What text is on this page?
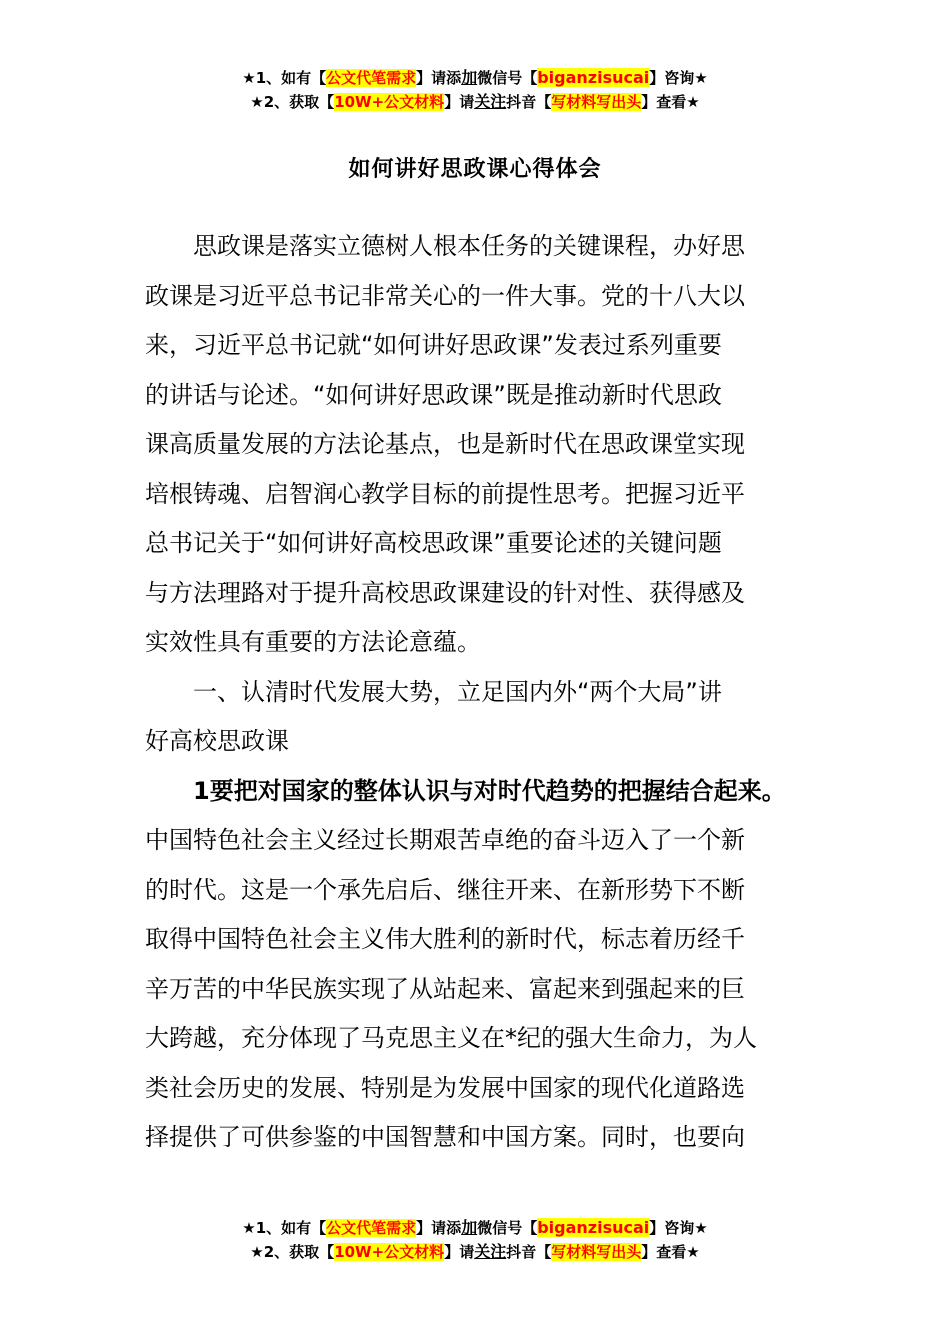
★1、如有【公文代笔需求】请添加微信号【biganzisucai】咨询★
★2、获取【10W+公文材料】请关注抖音【写材料写出头】查看★
如何讲好思政课心得体会
　　思政课是落实立德树人根本任务的关键课程，办好思
政课是习近平总书记非常关心的一件大事。党的十八大以
来，习近平总书记就“如何讲好思政课”发表过系列重要
的讲话与论述。“如何讲好思政课”既是推动新时代思政
课高质量发展的方法论基点，也是新时代在思政课堂实现
培根铸魂、启智润心教学目标的前提性思考。把握习近平
总书记关于“如何讲好高校思政课”重要论述的关键问题
与方法理路对于提升高校思政课建设的针对性、获得感及
实效性具有重要的方法论意蕴。
　　一、认清时代发展大势，立足国内外“两个大局”讲
好高校思政课
　　1要把对国家的整体认识与对时代趋势的把握结合起来。
中国特色社会主义经过长期艰苦卓绝的奋斗迈入了一个新
的时代。这是一个承先启后、继往开来、在新形势下不断
取得中国特色社会主义伟大胜利的新时代，标志着历经千
辛万苦的中华民族实现了从站起来、富起来到强起来的巨
大跨越，充分体现了马克思主义在*纪的强大生命力，为人
类社会历史的发展、特别是为发展中国家的现代化道路选
择提供了可供参鉴的中国智慧和中国方案。同时，也要向
★1、如有【公文代笔需求】请添加微信号【biganzisucai】咨询★
★2、获取【10W+公文材料】请关注抖音【写材料写出头】查看★
